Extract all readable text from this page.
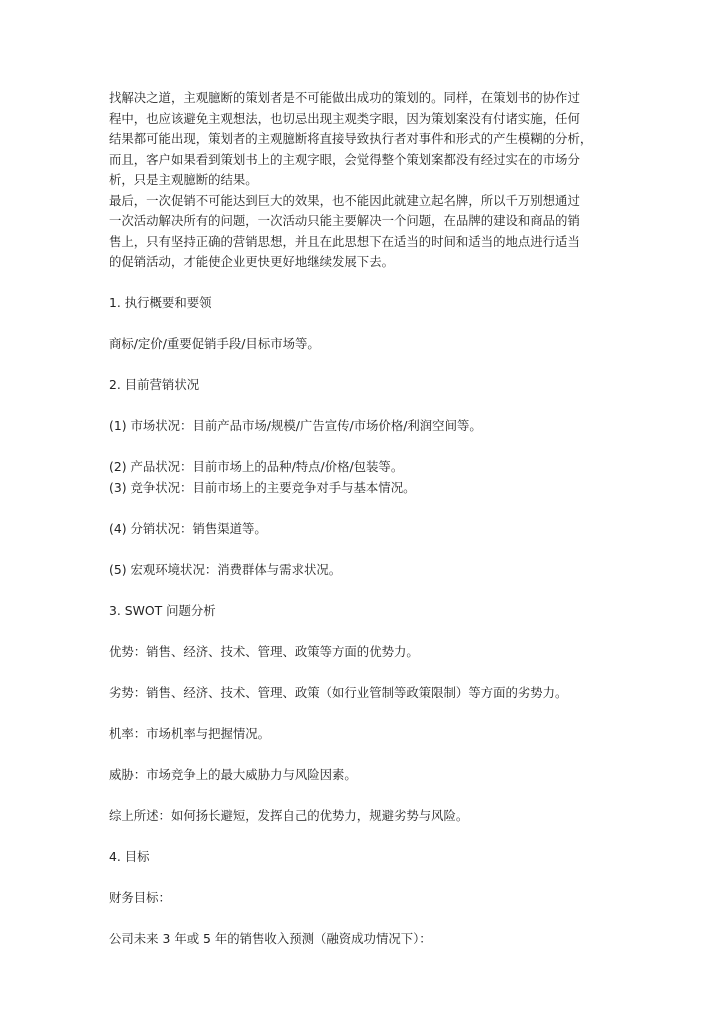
找解决之道，主观臆断的策划者是不可能做出成功的策划的。同样，在策划书的协作过
程中，也应该避免主观想法，也切忌出现主观类字眼，因为策划案没有付诸实施，任何
结果都可能出现，策划者的主观臆断将直接导致执行者对事件和形式的产生模糊的分析，
而且，客户如果看到策划书上的主观字眼，会觉得整个策划案都没有经过实在的市场分
析，只是主观臆断的结果。
最后，一次促销不可能达到巨大的效果，也不能因此就建立起名牌，所以千万别想通过
一次活动解决所有的问题，一次活动只能主要解决一个问题，在品牌的建设和商品的销
售上，只有坚持正确的营销思想，并且在此思想下在适当的时间和适当的地点进行适当
的促销活动，才能使企业更快更好地继续发展下去。
1. 执行概要和要领
商标/定价/重要促销手段/目标市场等。
2. 目前营销状况
(1) 市场状况：目前产品市场/规模/广告宣传/市场价格/利润空间等。
(2) 产品状况：目前市场上的品种/特点/价格/包装等。
(3) 竞争状况：目前市场上的主要竞争对手与基本情况。
(4) 分销状况：销售渠道等。
(5) 宏观环境状况：消费群体与需求状况。
3. SWOT 问题分析
优势：销售、经济、技术、管理、政策等方面的优势力。
劣势：销售、经济、技术、管理、政策（如行业管制等政策限制）等方面的劣势力。
机率：市场机率与把握情况。
威胁：市场竞争上的最大威胁力与风险因素。
综上所述：如何扬长避短，发挥自己的优势力，规避劣势与风险。
4. 目标
财务目标：
公司未来 3 年或 5 年的销售收入预测（融资成功情况下）：
